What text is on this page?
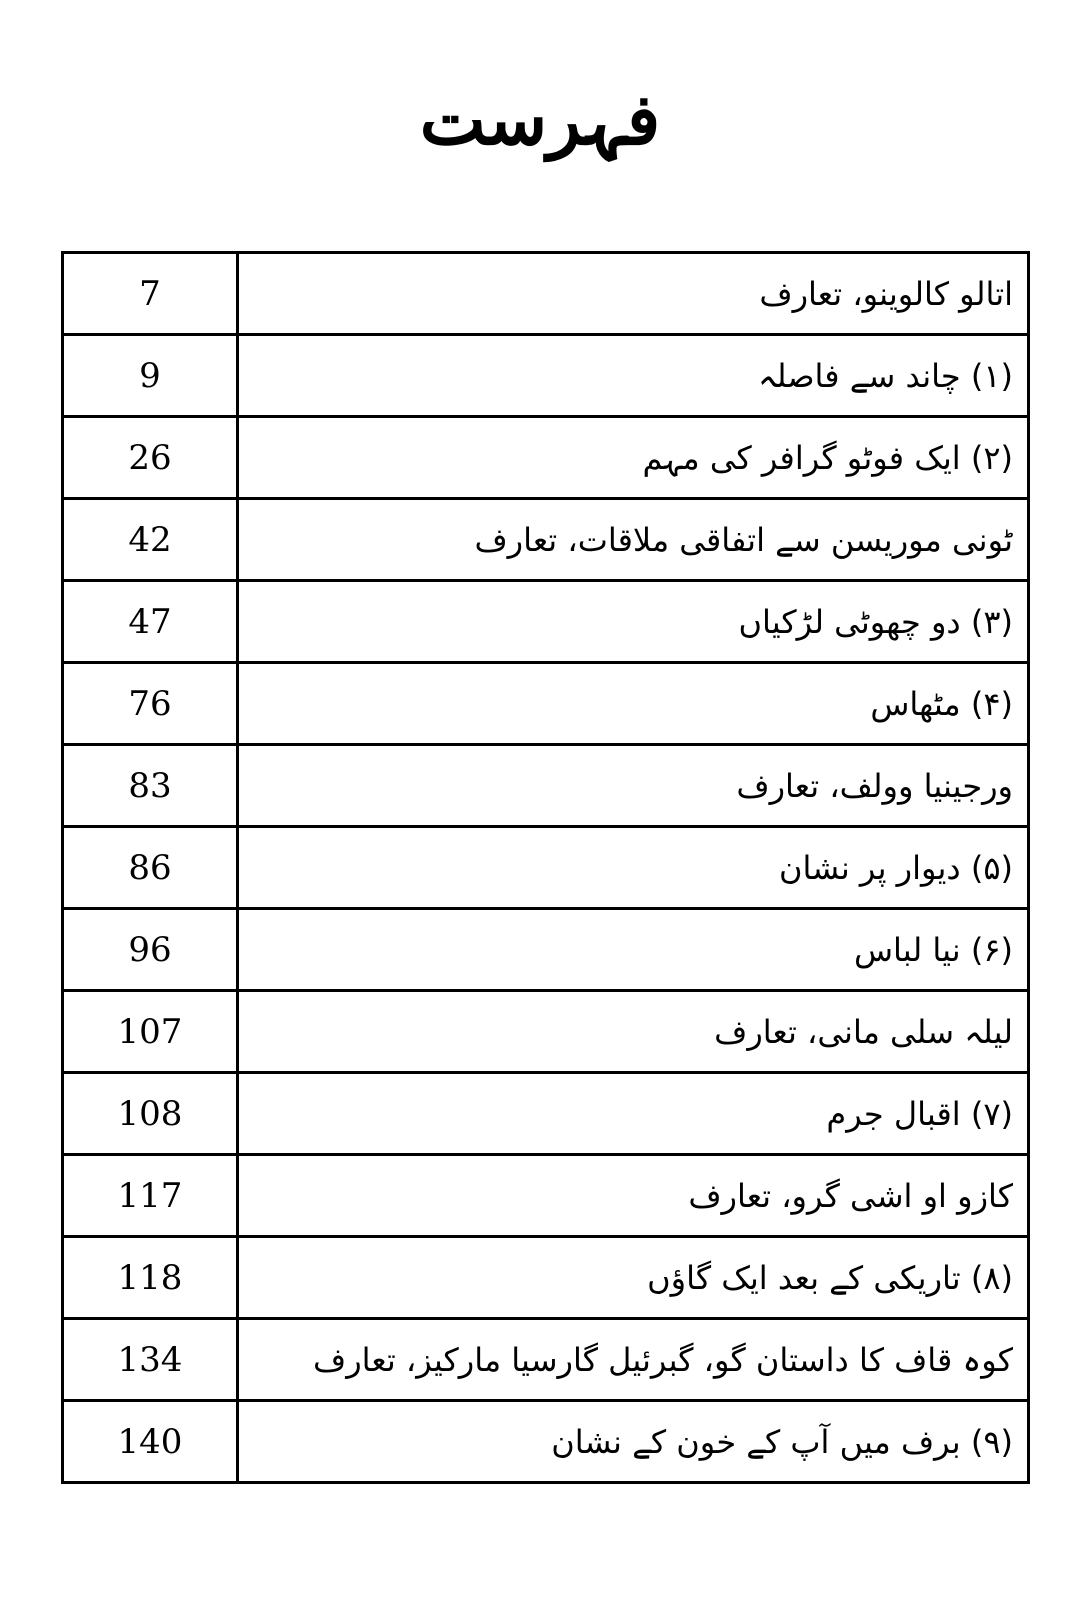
فہرست
7	اتالو کالوینو، تعارف
9	(۱) چاند سے فاصلہ
26	(۲) ایک فوٹو گرافر کی مہم
42	ٹونی موریسن سے اتفاقی ملاقات، تعارف
47	(۳) دو چھوٹی لڑکیاں
76	(۴) مٹھاس
83	ورجینیا وولف، تعارف
86	(۵) دیوار پر نشان
96	(۶) نیا لباس
107	لیلہ سلی مانی، تعارف
108	(۷) اقبال جرم
117	کازو او اشی گرو، تعارف
118	(۸) تاریکی کے بعد ایک گاؤں
134	کوہ قاف کا داستان گو، گبرئیل گارسیا مارکیز، تعارف
140	(۹) برف میں آپ کے خون کے نشان
